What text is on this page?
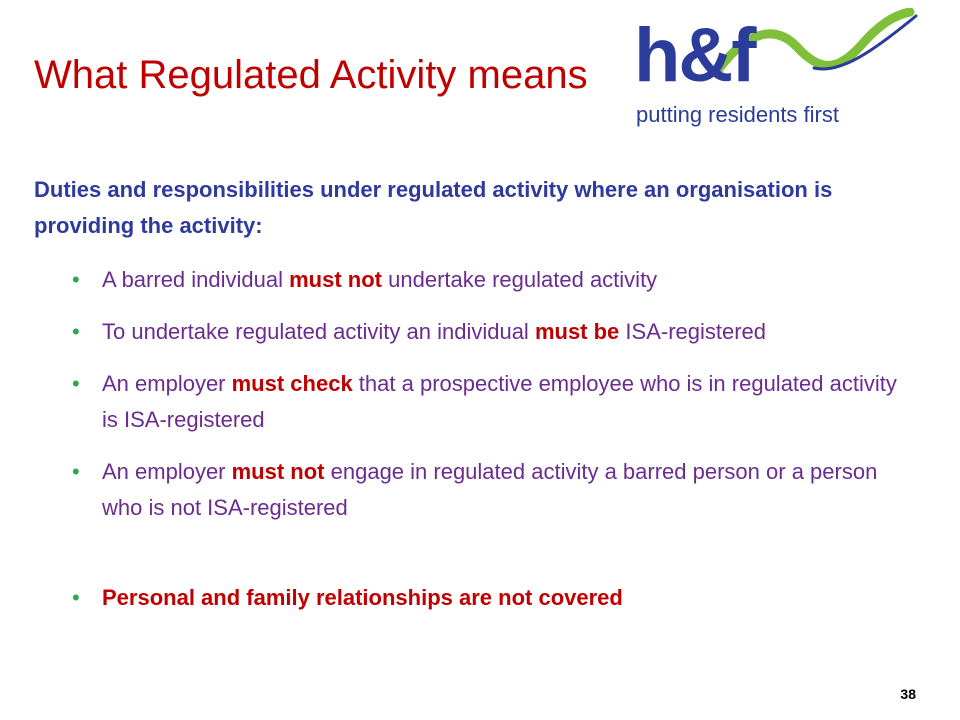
What Regulated Activity means h&f
putting residents first

Duties and responsibilities under regulated activity where an organisation is providing the activity:

•	A barred individual must not undertake regulated activity
•	To undertake regulated activity an individual must be ISA-registered
•	An employer must check that a prospective employee who is in regulated activity is ISA-registered
•	An employer must not engage in regulated activity a barred person or a person who is not ISA-registered
•	Personal and family relationships are not covered
38
